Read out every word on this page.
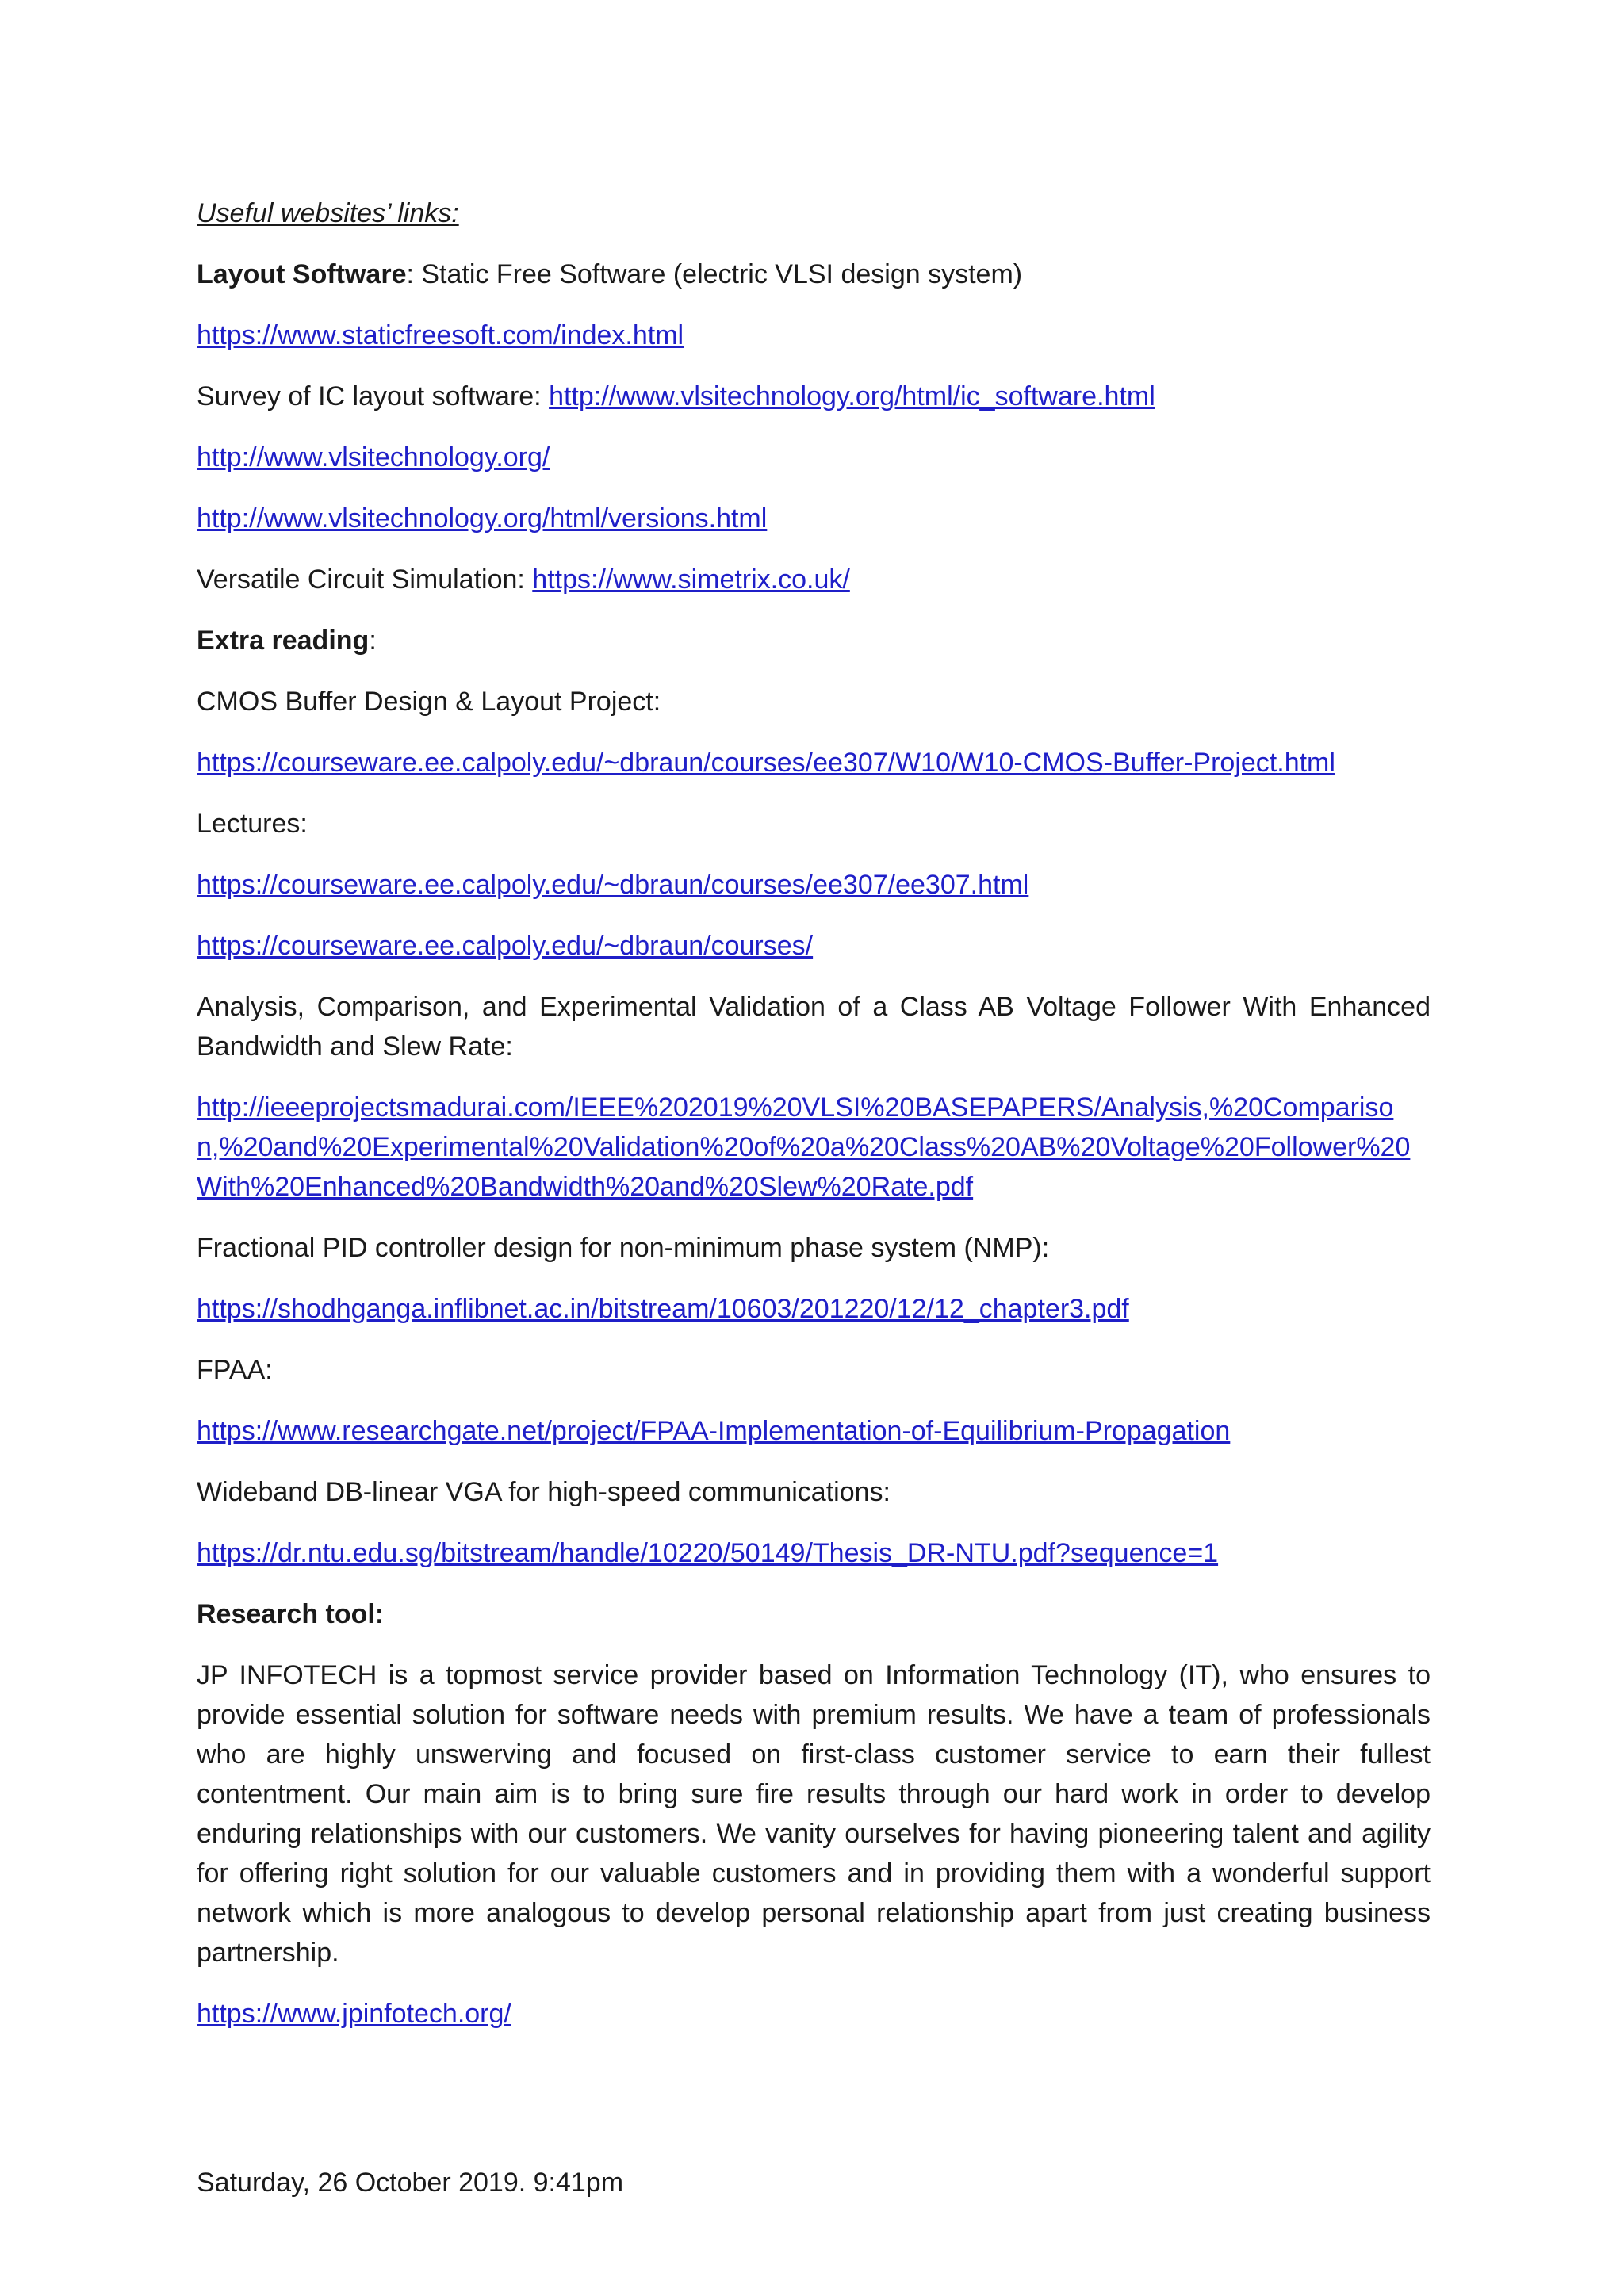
Useful websites’ links:

Layout Software: Static Free Software (electric VLSI design system)

https://www.staticfreesoft.com/index.html

Survey of IC layout software: http://www.vlsitechnology.org/html/ic_software.html

http://www.vlsitechnology.org/

http://www.vlsitechnology.org/html/versions.html

Versatile Circuit Simulation: https://www.simetrix.co.uk/

Extra reading:

CMOS Buffer Design & Layout Project:

https://courseware.ee.calpoly.edu/~dbraun/courses/ee307/W10/W10-CMOS-Buffer-Project.html

Lectures:

https://courseware.ee.calpoly.edu/~dbraun/courses/ee307/ee307.html

https://courseware.ee.calpoly.edu/~dbraun/courses/

Analysis, Comparison, and Experimental Validation of a Class AB Voltage Follower With Enhanced Bandwidth and Slew Rate:

http://ieeeprojectsmadurai.com/IEEE%202019%20VLSI%20BASEPAPERS/Analysis,%20Comparison,%20and%20Experimental%20Validation%20of%20a%20Class%20AB%20Voltage%20Follower%20With%20Enhanced%20Bandwidth%20and%20Slew%20Rate.pdf

Fractional PID controller design for non-minimum phase system (NMP):

https://shodhganga.inflibnet.ac.in/bitstream/10603/201220/12/12_chapter3.pdf

FPAA:

https://www.researchgate.net/project/FPAA-Implementation-of-Equilibrium-Propagation

Wideband DB-linear VGA for high-speed communications:

https://dr.ntu.edu.sg/bitstream/handle/10220/50149/Thesis_DR-NTU.pdf?sequence=1

Research tool:

JP INFOTECH is a topmost service provider based on Information Technology (IT), who ensures to provide essential solution for software needs with premium results. We have a team of professionals who are highly unswerving and focused on first-class customer service to earn their fullest contentment. Our main aim is to bring sure fire results through our hard work in order to develop enduring relationships with our customers. We vanity ourselves for having pioneering talent and agility for offering right solution for our valuable customers and in providing them with a wonderful support network which is more analogous to develop personal relationship apart from just creating business partnership.

https://www.jpinfotech.org/

Saturday, 26 October 2019. 9:41pm
